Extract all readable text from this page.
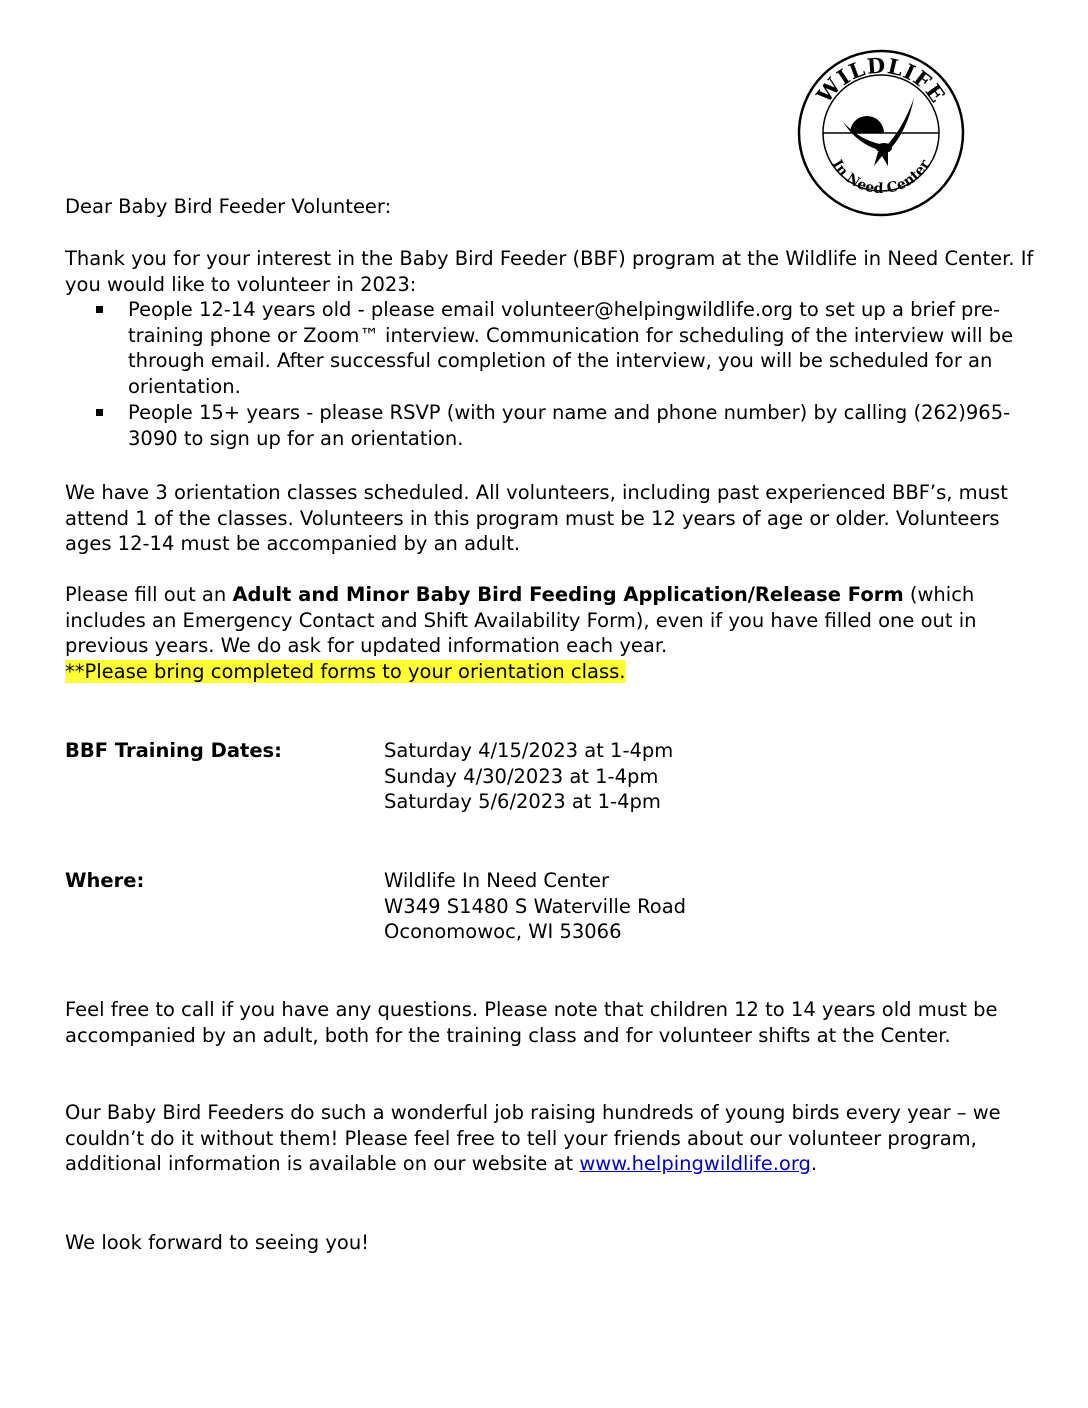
WILDLIFE
In Need Center

Dear Baby Bird Feeder Volunteer:

Thank you for your interest in the Baby Bird Feeder (BBF) program at the Wildlife in Need Center. If you would like to volunteer in 2023:

People 12-14 years old - please email volunteer@helpingwildlife.org to set up a brief pre-training phone or Zoom™ interview. Communication for scheduling of the interview will be through email. After successful completion of the interview, you will be scheduled for an orientation.
People 15+ years - please RSVP (with your name and phone number) by calling (262)965-3090 to sign up for an orientation.

We have 3 orientation classes scheduled. All volunteers, including past experienced BBF’s, must attend 1 of the classes. Volunteers in this program must be 12 years of age or older. Volunteers ages 12-14 must be accompanied by an adult.

Please fill out an Adult and Minor Baby Bird Feeding Application/Release Form (which includes an Emergency Contact and Shift Availability Form), even if you have filled one out in previous years. We do ask for updated information each year.
**Please bring completed forms to your orientation class.

BBF Training Dates:	Saturday 4/15/2023 at 1-4pm
Sunday 4/30/2023 at 1-4pm
Saturday 5/6/2023 at 1-4pm
Where:	Wildlife In Need Center
W349 S1480 S Waterville Road
Oconomowoc, WI 53066

Feel free to call if you have any questions. Please note that children 12 to 14 years old must be accompanied by an adult, both for the training class and for volunteer shifts at the Center.

Our Baby Bird Feeders do such a wonderful job raising hundreds of young birds every year – we couldn’t do it without them! Please feel free to tell your friends about our volunteer program, additional information is available on our website at www.helpingwildlife.org.

We look forward to seeing you!
